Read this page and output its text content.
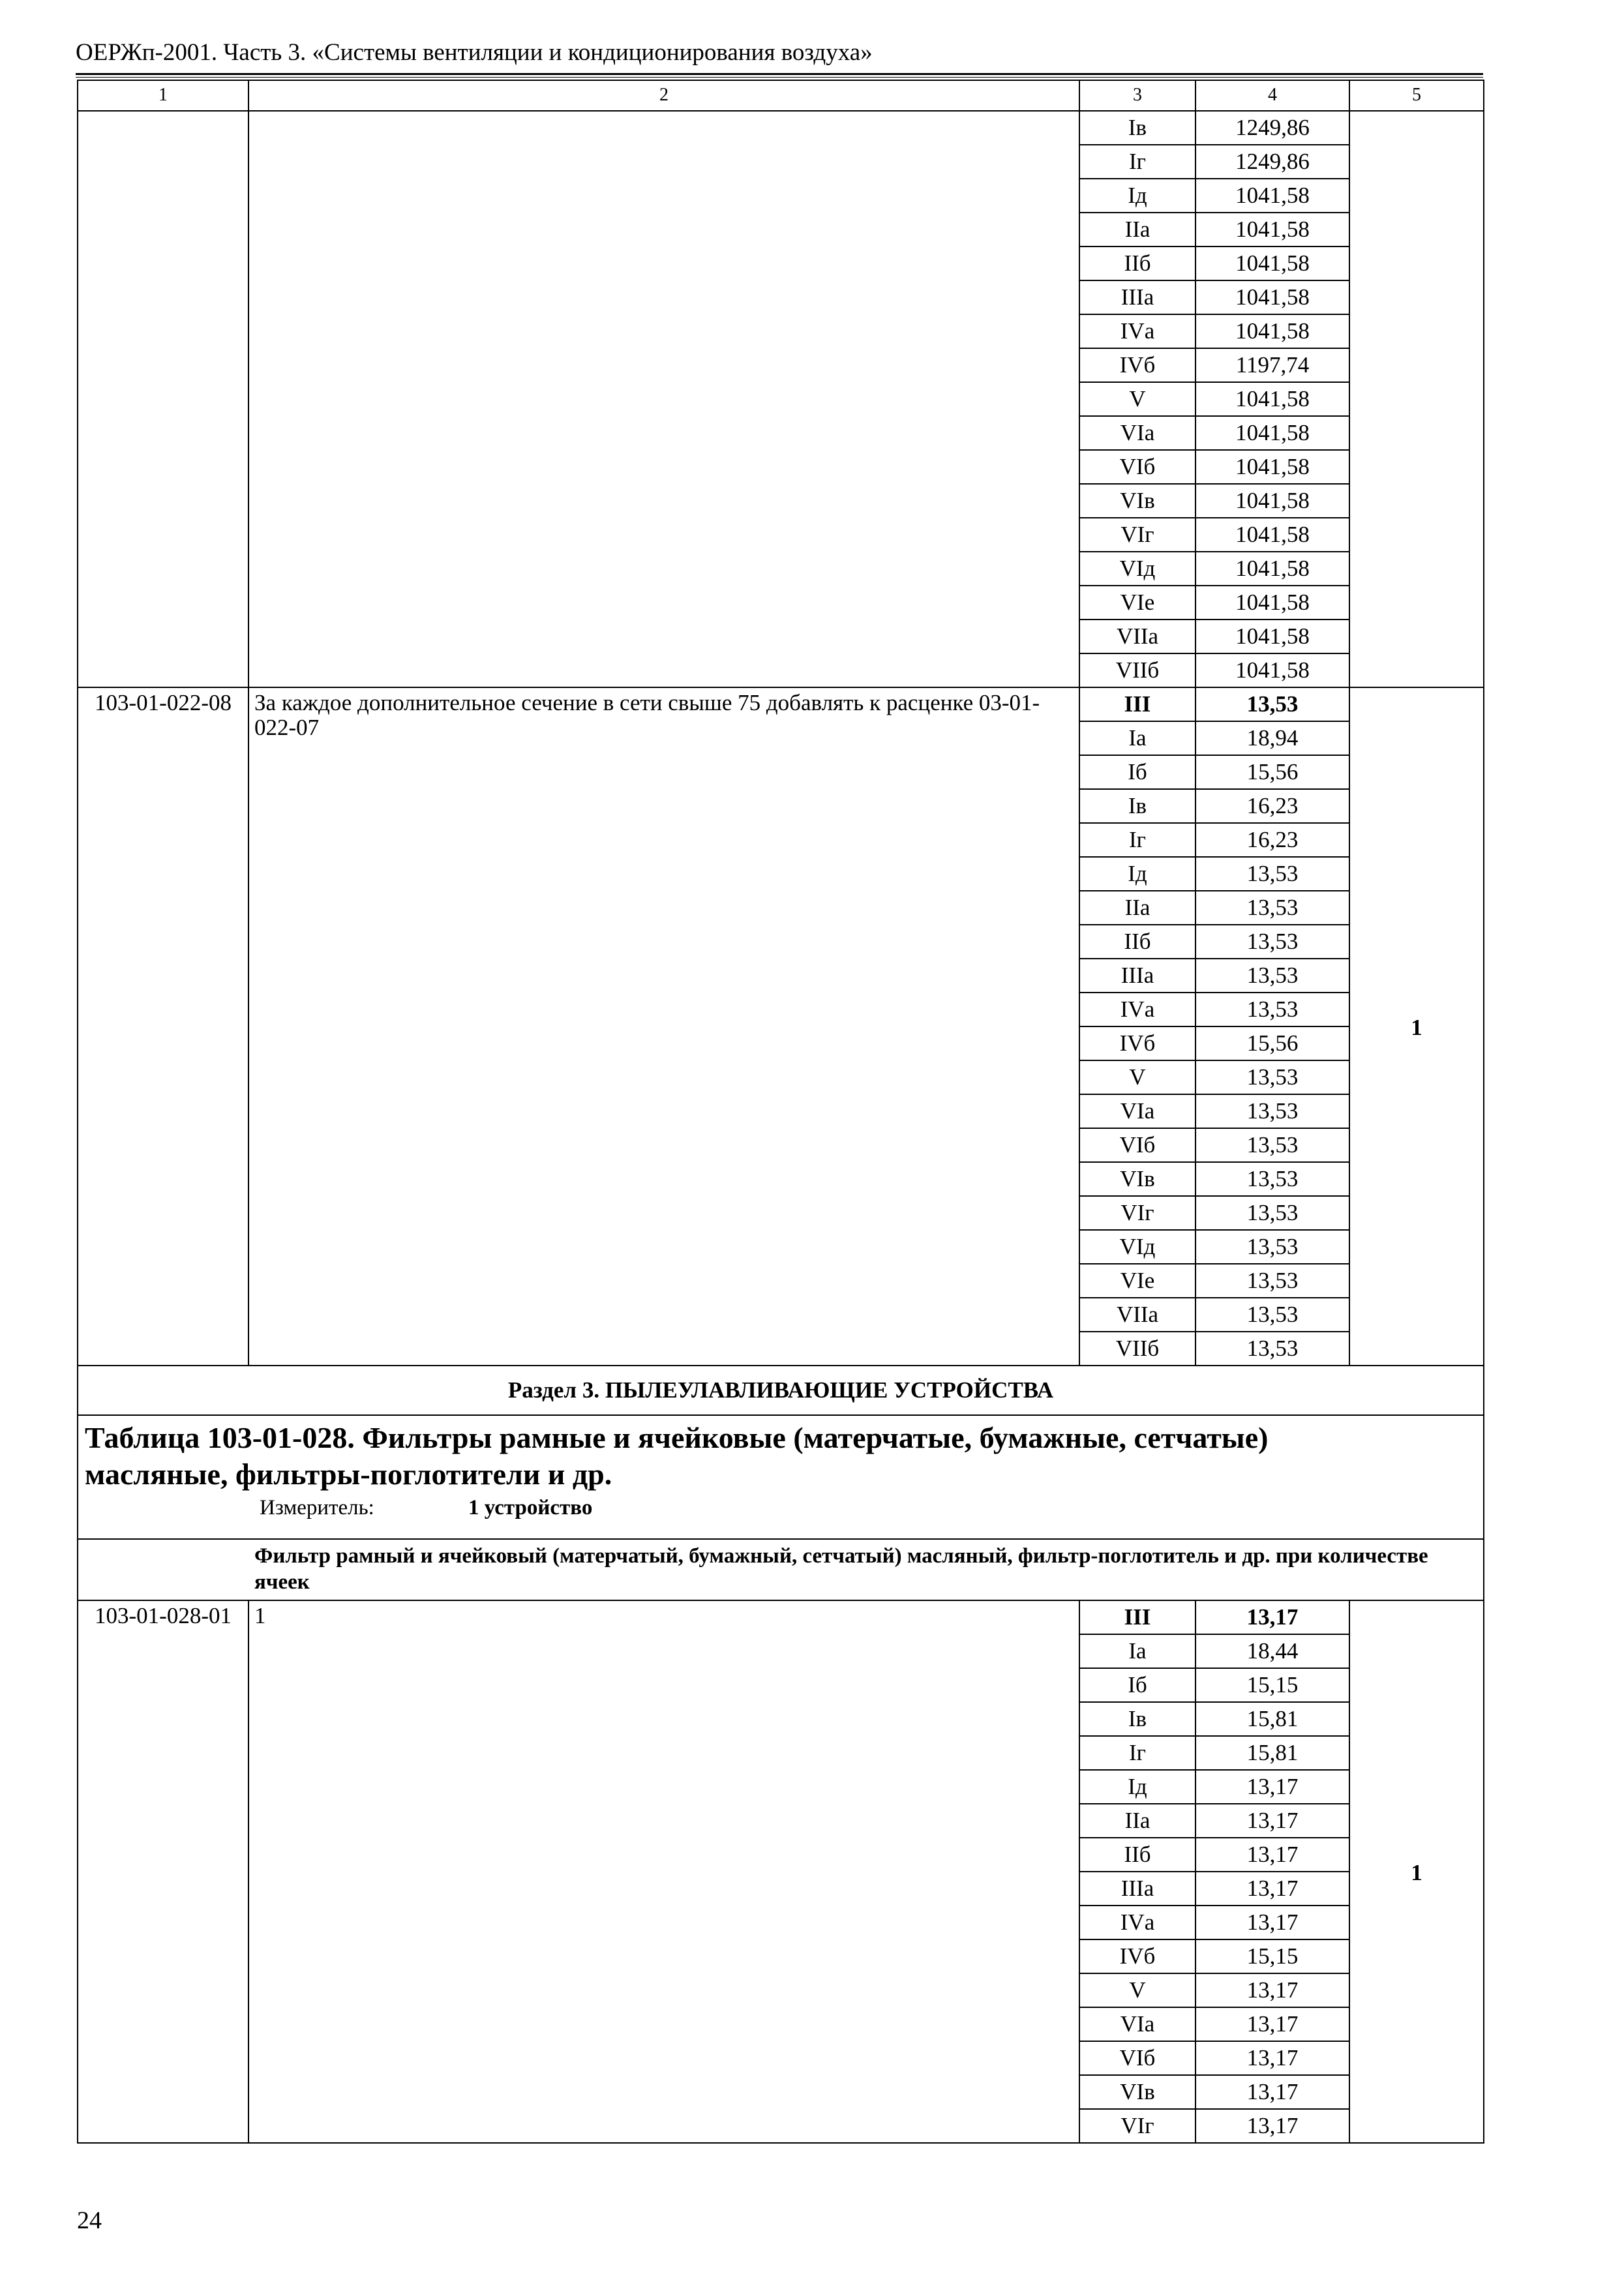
ОЕРЖп-2001. Часть 3. «Системы вентиляции и кондиционирования воздуха»
1	2	3	4	5
		Iв	1249,86	
		Iг	1249,86	
		Iд	1041,58	
		IIа	1041,58	
		IIб	1041,58	
		IIIа	1041,58	
		IVа	1041,58	
		IVб	1197,74	
		V	1041,58	
		VIа	1041,58	
		VIб	1041,58	
		VIв	1041,58	
		VIг	1041,58	
		VIд	1041,58	
		VIе	1041,58	
		VIIа	1041,58	
		VIIб	1041,58	
103-01-022-08	За каждое дополнительное сечение в сети свыше 75 добавлять к расценке 03-01-022-07	III	13,53	1
		Iа	18,94	
		Iб	15,56	
		Iв	16,23	
		Iг	16,23	
		Iд	13,53	
		IIа	13,53	
		IIб	13,53	
		IIIа	13,53	
		IVа	13,53	
		IVб	15,56	
		V	13,53	
		VIа	13,53	
		VIб	13,53	
		VIв	13,53	
		VIг	13,53	
		VIд	13,53	
		VIе	13,53	
		VIIа	13,53	
		VIIб	13,53	
Раздел 3. ПЫЛЕУЛАВЛИВАЮЩИЕ УСТРОЙСТВА				

Таблица 103-01-028. Фильтры рамные и ячейковые (матерчатые, бумажные, сетчатые)
масляные, фильтры-поглотители и др.
Измеритель: 1 устройство				

Фильтр рамный и ячейковый (матерчатый, бумажный, сетчатый) масляный, фильтр-поглотитель и др. при количестве ячеек				

103-01-028-01	1	III	13,17	1
		Iа	18,44	
		Iб	15,15	
		Iв	15,81	
		Iг	15,81	
		Iд	13,17	
		IIа	13,17	
		IIб	13,17	
		IIIа	13,17	
		IVа	13,17	
		IVб	15,15	
		V	13,17	
		VIа	13,17	
		VIб	13,17	
		VIв	13,17	
		VIг	13,17	
24
